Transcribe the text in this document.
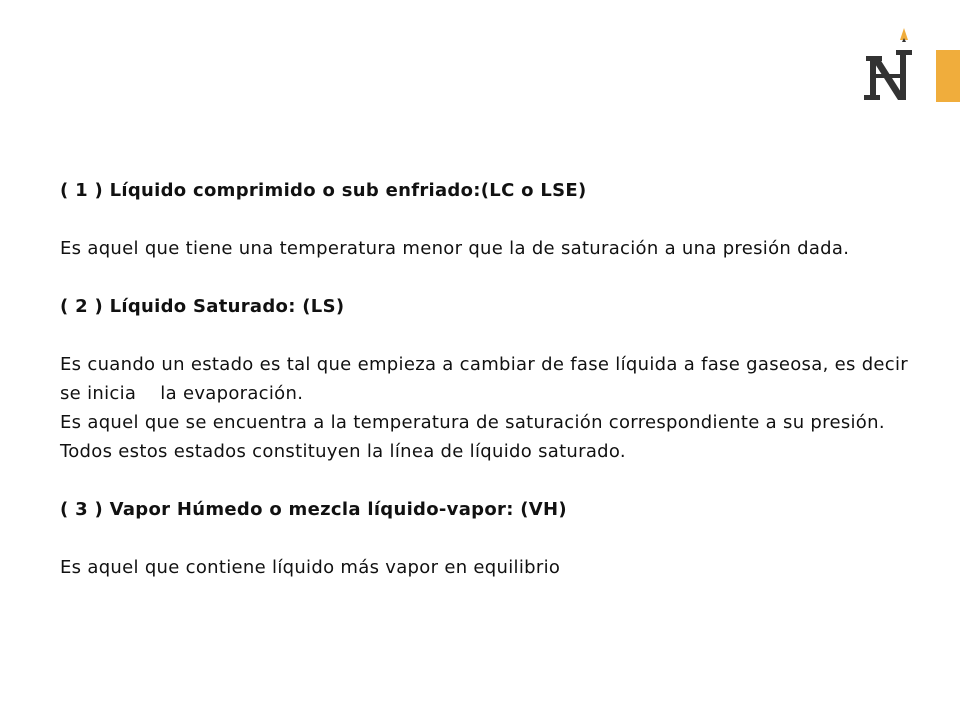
( 1 ) Líquido comprimido o sub enfriado:(LC o LSE)

Es aquel que tiene una temperatura menor que la de saturación a una presión dada.

( 2 ) Líquido Saturado: (LS)

Es cuando un estado es tal que empieza a cambiar de fase líquida a fase gaseosa, es decir se inicia    la evaporación.

Es aquel que se encuentra a la temperatura de saturación correspondiente a su presión.

Todos estos estados constituyen la línea de líquido saturado.

( 3 ) Vapor Húmedo o mezcla líquido-vapor: (VH)

Es aquel que contiene líquido más vapor en equilibrio
